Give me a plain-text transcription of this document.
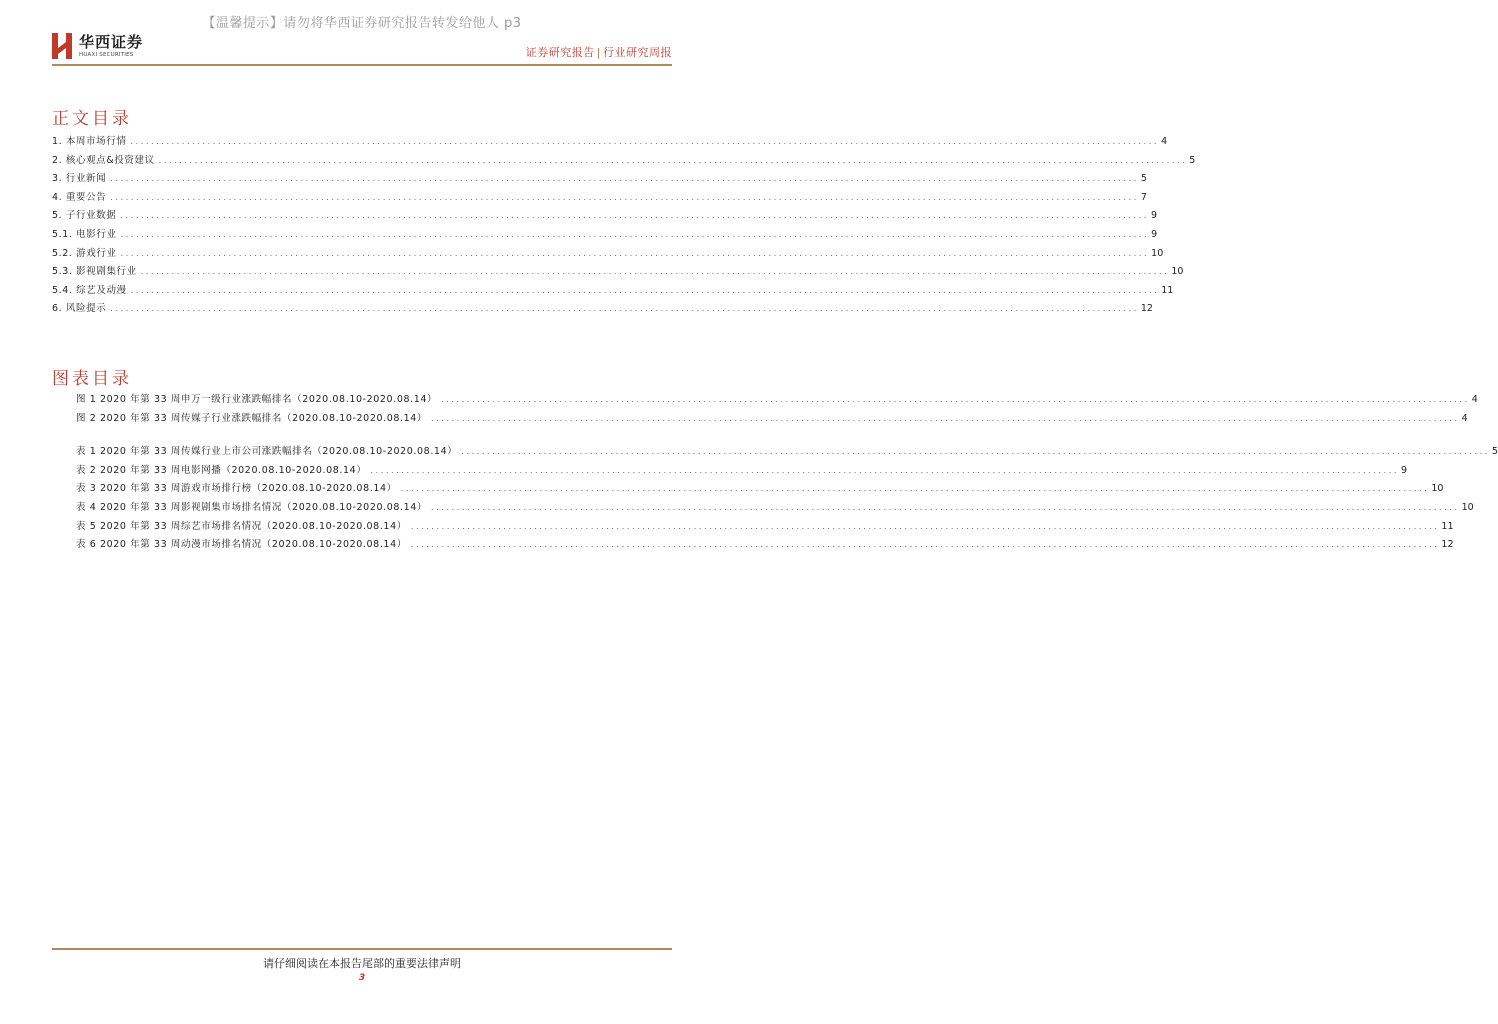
【温馨提示】请勿将华西证券研究报告转发给他人 p3
华西证券
HUAXI SECURITIES	证券研究报告 | 行业研究周报
正文目录
1. 本周市场行情 ........................................................................................................................................................................................................ 4
2. 核心观点&投资建议 ........................................................................................................................................................................................................ 5
3. 行业新闻 ........................................................................................................................................................................................................ 5
4. 重要公告 ........................................................................................................................................................................................................ 7
5. 子行业数据 ........................................................................................................................................................................................................ 9
5.1. 电影行业 ........................................................................................................................................................................................................ 9
5.2. 游戏行业 ........................................................................................................................................................................................................ 10
5.3. 影视剧集行业 ........................................................................................................................................................................................................ 10
5.4. 综艺及动漫 ........................................................................................................................................................................................................ 11
6. 风险提示 ........................................................................................................................................................................................................ 12
图表目录
图 1 2020 年第 33 周申万一级行业涨跌幅排名（2020.08.10-2020.08.14） ........................................................................................................................................................................................................ 4
图 2 2020 年第 33 周传媒子行业涨跌幅排名（2020.08.10-2020.08.14） ........................................................................................................................................................................................................ 4
表 1 2020 年第 33 周传媒行业上市公司涨跌幅排名（2020.08.10-2020.08.14） ........................................................................................................................................................................................................ 5
表 2 2020 年第 33 周电影网播（2020.08.10-2020.08.14） ........................................................................................................................................................................................................ 9
表 3 2020 年第 33 周游戏市场排行榜（2020.08.10-2020.08.14） ........................................................................................................................................................................................................ 10
表 4 2020 年第 33 周影视剧集市场排名情况（2020.08.10-2020.08.14） ........................................................................................................................................................................................................ 10
表 5 2020 年第 33 周综艺市场排名情况（2020.08.10-2020.08.14） ........................................................................................................................................................................................................ 11
表 6 2020 年第 33 周动漫市场排名情况（2020.08.10-2020.08.14） ........................................................................................................................................................................................................ 12
请仔细阅读在本报告尾部的重要法律声明
3
